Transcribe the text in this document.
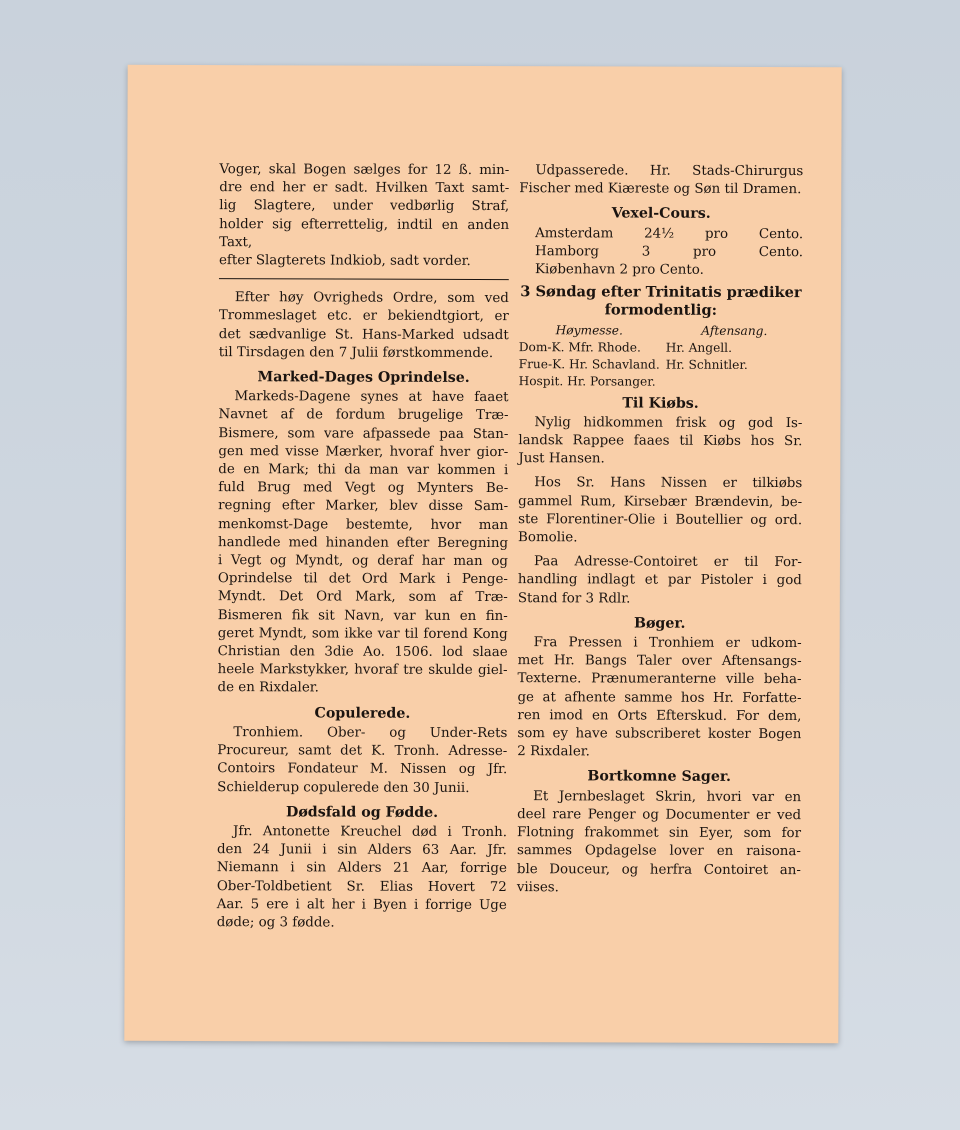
Voger, skal Bogen sælges for 12 ß. min-
dre end her er sadt. Hvilken Taxt samt-
lig Slagtere, under vedbørlig Straf,
holder sig efterrettelig, indtil en anden Taxt,
efter Slagterets Indkiob, sadt vorder.
Efter høy Ovrigheds Ordre, som ved
Trommeslaget etc. er bekiendtgiort, er
det sædvanlige St. Hans-Marked udsadt
til Tirsdagen den 7 Julii førstkommende.
Marked-Dages Oprindelse.
Markeds-Dagene synes at have faaet
Navnet af de fordum brugelige Træ-
Bismere, som vare afpassede paa Stan-
gen med visse Mærker, hvoraf hver gior-
de en Mark; thi da man var kommen i
fuld Brug med Vegt og Mynters Be-
regning efter Marker, blev disse Sam-
menkomst-Dage bestemte, hvor man
handlede med hinanden efter Beregning
i Vegt og Myndt, og deraf har man og
Oprindelse til det Ord Mark i Penge-
Myndt. Det Ord Mark, som af Træ-
Bismeren fik sit Navn, var kun en fin-
geret Myndt, som ikke var til forend Kong
Christian den 3die Ao. 1506. lod slaae
heele Markstykker, hvoraf tre skulde giel-
de en Rixdaler.
Copulerede.
Tronhiem. Ober- og Under-Rets
Procureur, samt det K. Tronh. Adresse-
Contoirs Fondateur M. Nissen og Jfr.
Schielderup copulerede den 30 Junii.
Dødsfald og Fødde.
Jfr. Antonette Kreuchel død i Tronh.
den 24 Junii i sin Alders 63 Aar. Jfr.
Niemann i sin Alders 21 Aar, forrige
Ober-Toldbetient Sr. Elias Hovert 72
Aar. 5 ere i alt her i Byen i forrige Uge
døde; og 3 fødde.
Udpasserede. Hr. Stads-Chirurgus
Fischer med Kiæreste og Søn til Dramen.
Vexel-Cours.
Amsterdam 24½ pro Cento.
Hamborg 3 pro Cento.
Kiøbenhavn 2 pro Cento.
3 Søndag efter Trinitatis prædiker
formodentlig:
Høymesse.
Dom-K. Mfr. Rhode.
Frue-K. Hr. Schavland.
Hospit. Hr. Porsanger.
Aftensang.
Hr. Angell.
Hr. Schnitler.
Til Kiøbs.
Nylig hidkommen frisk og god Is-
landsk Rappee faaes til Kiøbs hos Sr.
Just Hansen.
Hos Sr. Hans Nissen er tilkiøbs
gammel Rum, Kirsebær Brændevin, be-
ste Florentiner-Olie i Boutellier og ord.
Bomolie.
Paa Adresse-Contoiret er til For-
handling indlagt et par Pistoler i god
Stand for 3 Rdlr.
Bøger.
Fra Pressen i Tronhiem er udkom-
met Hr. Bangs Taler over Aftensangs-
Texterne. Prænumeranterne ville beha-
ge at afhente samme hos Hr. Forfatte-
ren imod en Orts Efterskud. For dem,
som ey have subscriberet koster Bogen
2 Rixdaler.
Bortkomne Sager.
Et Jernbeslaget Skrin, hvori var en
deel rare Penger og Documenter er ved
Flotning frakommet sin Eyer, som for
sammes Opdagelse lover en raisona-
ble Douceur, og herfra Contoiret an-
viises.
